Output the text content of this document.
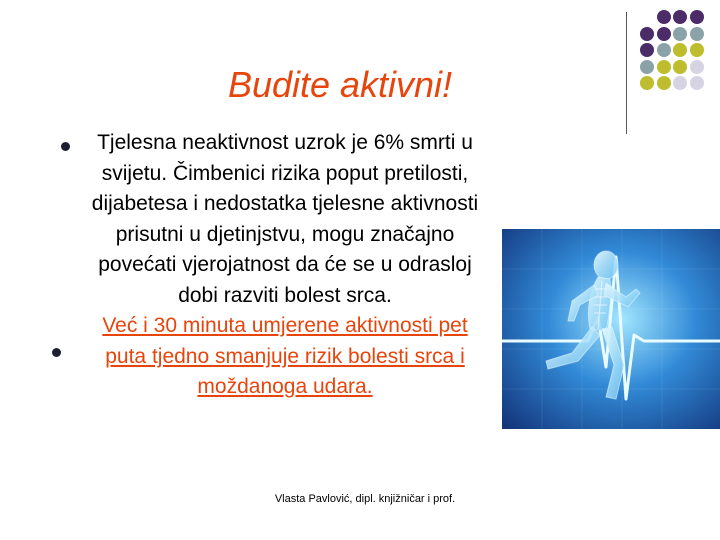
Budite aktivni!
Tjelesna neaktivnost uzrok je 6% smrti u svijetu. Čimbenici rizika poput pretilosti, dijabetesa i nedostatka tjelesne aktivnosti prisutni u djetinjstvu, mogu značajno povećati vjerojatnost da će se u odrasloj dobi razviti bolest srca.
Već i 30 minuta umjerene aktivnosti pet puta tjedno smanjuje rizik bolesti srca i moždanoga udara.
Vlasta Pavlović, dipl. knjižničar i prof.
